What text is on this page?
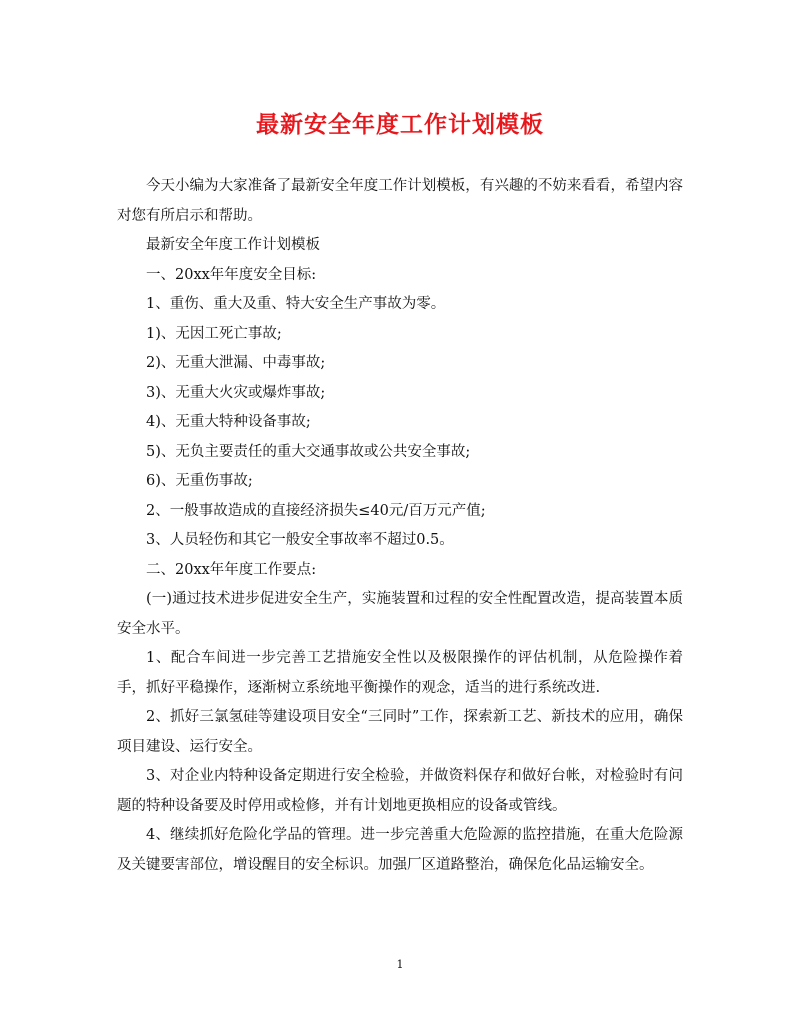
最新安全年度工作计划模板

今天小编为大家准备了最新安全年度工作计划模板，有兴趣的不妨来看看，希望内容对您有所启示和帮助。

最新安全年度工作计划模板

一、20xx年年度安全目标:

1、重伤、重大及重、特大安全生产事故为零。

1)、无因工死亡事故;

2)、无重大泄漏、中毒事故;

3)、无重大火灾或爆炸事故;

4)、无重大特种设备事故;

5)、无负主要责任的重大交通事故或公共安全事故;

6)、无重伤事故;

2、一般事故造成的直接经济损失≤40元/百万元产值;

3、人员轻伤和其它一般安全事故率不超过0.5。

二、20xx年年度工作要点:

(一)通过技术进步促进安全生产，实施装置和过程的安全性配置改造，提高装置本质安全水平。

1、配合车间进一步完善工艺措施安全性以及极限操作的评估机制，从危险操作着手，抓好平稳操作，逐渐树立系统地平衡操作的观念，适当的进行系统改进.

2、抓好三氯氢硅等建设项目安全“三同时”工作，探索新工艺、新技术的应用，确保项目建设、运行安全。

3、对企业内特种设备定期进行安全检验，并做资料保存和做好台帐，对检验时有问题的特种设备要及时停用或检修，并有计划地更换相应的设备或管线。

4、继续抓好危险化学品的管理。进一步完善重大危险源的监控措施，在重大危险源及关键要害部位，增设醒目的安全标识。加强厂区道路整治，确保危化品运输安全。

1
